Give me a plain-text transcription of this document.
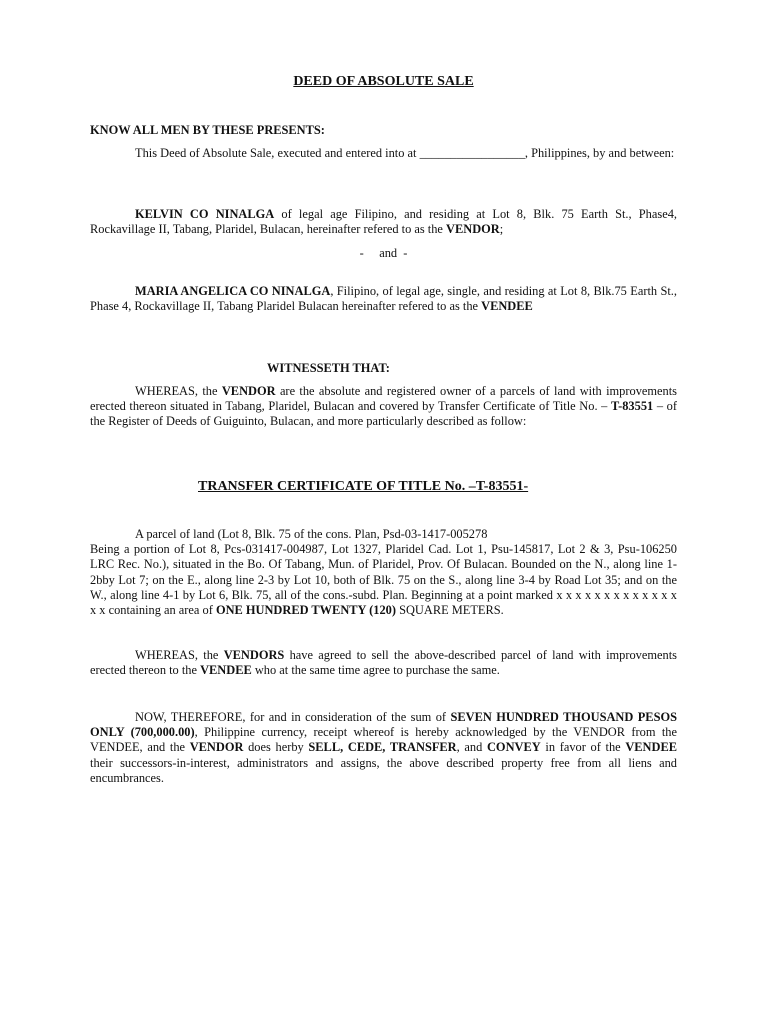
DEED OF ABSOLUTE SALE

KNOW ALL MEN BY THESE PRESENTS:

This Deed of Absolute Sale, executed and entered into at _________________, Philippines, by and between:

KELVIN CO NINALGA of legal age Filipino, and residing at Lot 8, Blk. 75 Earth St., Phase4, Rockavillage II, Tabang, Plaridel, Bulacan, hereinafter refered to as the VENDOR;

-     and  -

MARIA ANGELICA CO NINALGA, Filipino, of legal age, single, and residing at Lot 8, Blk.75 Earth St., Phase 4, Rockavillage II, Tabang Plaridel Bulacan hereinafter refered to as the VENDEE

WITNESSETH THAT:

WHEREAS, the VENDOR are the absolute and registered owner of a parcels of land with improvements erected thereon situated in Tabang, Plaridel, Bulacan and covered by Transfer Certificate of Title No. – T-83551 – of the Register of Deeds of Guiguinto, Bulacan, and more particularly described as follow:

TRANSFER CERTIFICATE OF TITLE No. –T-83551-

A parcel of land (Lot 8, Blk. 75 of the cons. Plan, Psd-03-1417-005278
Being a portion of Lot 8, Pcs-031417-004987, Lot 1327, Plaridel Cad. Lot 1, Psu-145817, Lot 2 & 3, Psu-106250 LRC Rec. No.), situated in the Bo. Of Tabang, Mun. of Plaridel, Prov. Of Bulacan. Bounded on the N., along line 1-2bby Lot 7; on the E., along line 2-3 by Lot 10, both of Blk. 75 on the S., along line 3-4 by Road Lot 35; and on the W., along line 4-1 by Lot 6, Blk. 75, all of the cons.-subd. Plan. Beginning at a point marked x x x x x x x x x x x x x x x containing an area of ONE HUNDRED TWENTY (120) SQUARE METERS.

WHEREAS, the VENDORS have agreed to sell the above-described parcel of land with improvements erected thereon to the VENDEE who at the same time agree to purchase the same.

NOW, THEREFORE, for and in consideration of the sum of SEVEN HUNDRED THOUSAND PESOS ONLY (700,000.00), Philippine currency, receipt whereof is hereby acknowledged by the VENDOR from the VENDEE, and the VENDOR does herby SELL, CEDE, TRANSFER, and CONVEY in favor of the VENDEE their successors-in-interest, administrators and assigns, the above described property free from all liens and encumbrances.
